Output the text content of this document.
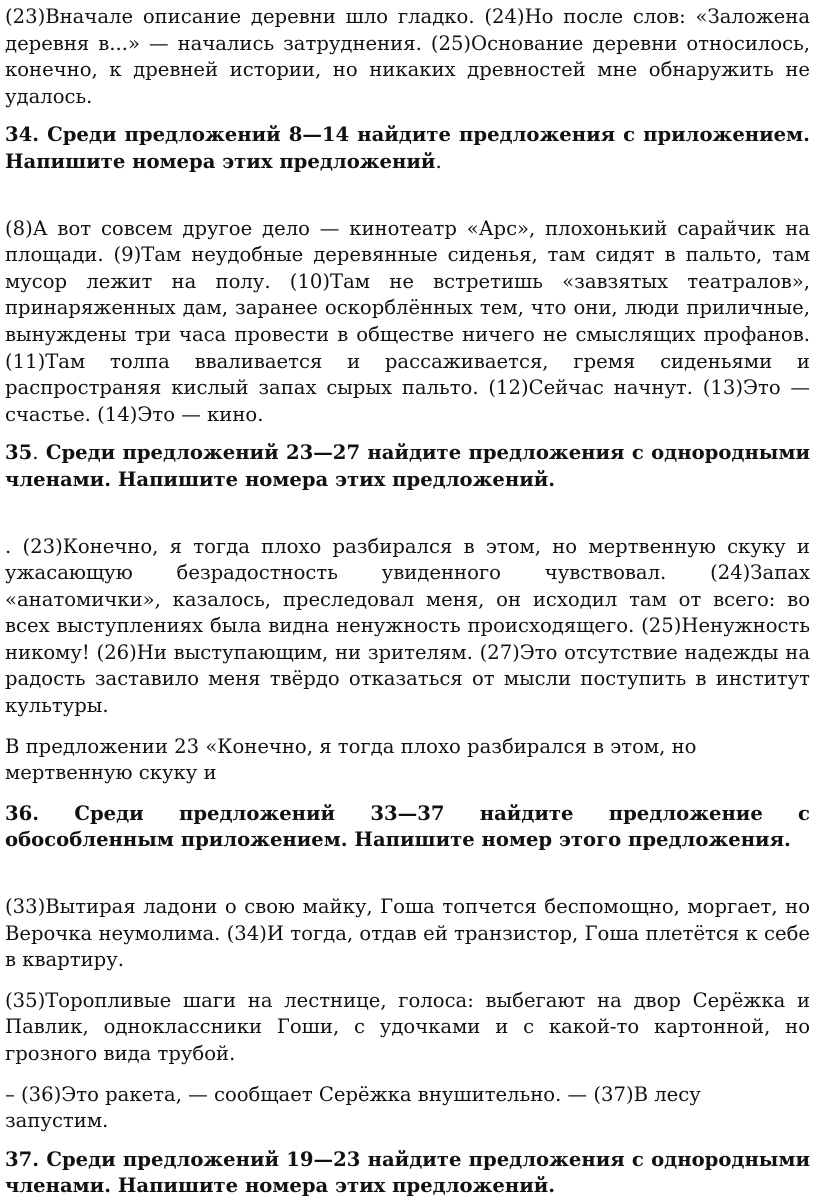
(23)Вначале описание деревни шло гладко. (24)Но после слов: «Заложена деревня в...» — начались затруднения. (25)Основание деревни относилось, конечно, к древней истории, но никаких древностей мне обнаружить не удалось.

34. Среди предложений 8—14 найдите предложения с приложением. Напишите номера этих предложений.

(8)А вот совсем другое дело — кинотеатр «Арс», плохонький сарайчик на площади. (9)Там неудобные деревянные сиденья, там сидят в пальто, там мусор лежит на полу. (10)Там не встретишь «завзятых театралов», принаряженных дам, заранее оскорблённых тем, что они, люди приличные, вынуждены три часа провести в обществе ничего не смыслящих профанов. (11)Там толпа вваливается и рассаживается, гремя сиденьями и распространяя кислый запах сырых пальто. (12)Сейчас начнут. (13)Это — счастье. (14)Это — кино.

35. Среди предложений 23—27 найдите предложения с однородными членами. Напишите номера этих предложений.

. (23)Конечно, я тогда плохо разбирался в этом, но мертвенную скуку и ужасающую безрадостность увиденного чувствовал. (24)Запах «анатомички», казалось, преследовал меня, он исходил там от всего: во всех выступлениях была видна ненужность происходящего. (25)Ненужность никому! (26)Ни выступающим, ни зрителям. (27)Это отсутствие надежды на радость заставило меня твёрдо отказаться от мысли поступить в институт культуры.

В предложении 23 «Конечно, я тогда плохо разбирался в этом, но мертвенную скуку и

36. Среди предложений 33—37 найдите предложение с обособленным приложением. Напишите номер этого предложения.

(33)Вытирая ладони о свою майку, Гоша топчется беспомощно, моргает, но Верочка неумолима. (34)И тогда, отдав ей транзистор, Гоша плетётся к себе в квартиру.

(35)Торопливые шаги на лестнице, голоса: выбегают на двор Серёжка и Павлик, одноклассники Гоши, с удочками и с какой-то картонной, но грозного вида трубой.

– (36)Это ракета, — сообщает Серёжка внушительно. — (37)В лесу запустим.

37. Среди предложений 19—23 найдите предложения с однородными членами. Напишите номера этих предложений.
